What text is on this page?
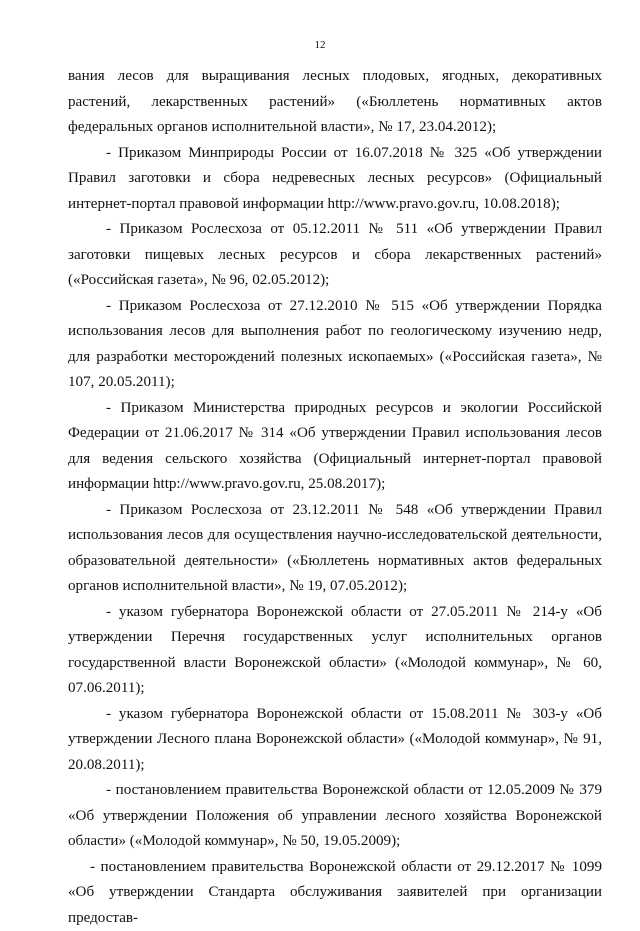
12

вания лесов для выращивания лесных плодовых, ягодных, декоративных растений, лекарственных растений» («Бюллетень нормативных актов федеральных органов исполнительной власти», № 17, 23.04.2012);

- Приказом Минприроды России от 16.07.2018 № 325 «Об утверждении Правил заготовки и сбора недревесных лесных ресурсов» (Официальный интернет-портал правовой информации http://www.pravo.gov.ru, 10.08.2018);

- Приказом Рослесхоза от 05.12.2011 № 511 «Об утверждении Правил заготовки пищевых лесных ресурсов и сбора лекарственных растений» («Российская газета», № 96, 02.05.2012);

- Приказом Рослесхоза от 27.12.2010 № 515 «Об утверждении Порядка использования лесов для выполнения работ по геологическому изучению недр, для разработки месторождений полезных ископаемых» («Российская газета», № 107, 20.05.2011);

- Приказом Министерства природных ресурсов и экологии Российской Федерации от 21.06.2017 № 314 «Об утверждении Правил использования лесов для ведения сельского хозяйства (Официальный интернет-портал правовой информации http://www.pravo.gov.ru, 25.08.2017);

- Приказом Рослесхоза от 23.12.2011 № 548 «Об утверждении Правил использования лесов для осуществления научно-исследовательской деятельности, образовательной деятельности» («Бюллетень нормативных актов федеральных органов исполнительной власти», № 19, 07.05.2012);

- указом губернатора Воронежской области от 27.05.2011 № 214-у «Об утверждении Перечня государственных услуг исполнительных органов государственной власти Воронежской области» («Молодой коммунар», № 60, 07.06.2011);

- указом губернатора Воронежской области от 15.08.2011 № 303-у «Об утверждении Лесного плана Воронежской области» («Молодой коммунар», № 91, 20.08.2011);

- постановлением правительства Воронежской области от 12.05.2009 № 379 «Об утверждении Положения об управлении лесного хозяйства Воронежской области» («Молодой коммунар», № 50, 19.05.2009);

- постановлением правительства Воронежской области от 29.12.2017 № 1099 «Об утверждении Стандарта обслуживания заявителей при организации предостав-
